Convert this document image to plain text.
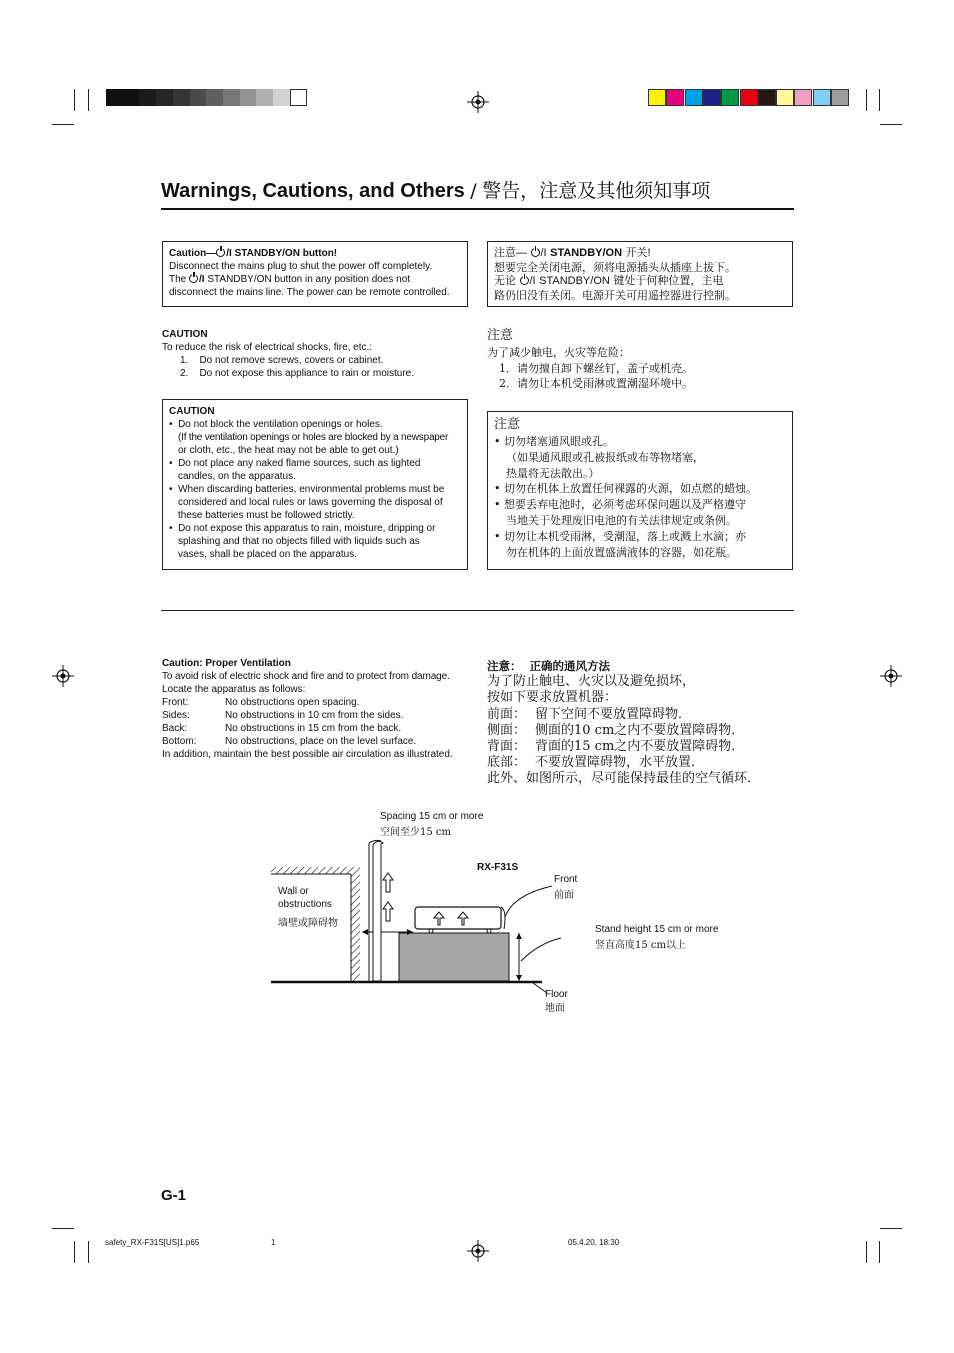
Warnings, Cautions, and Others / 警告，注意及其他须知事项
Caution— /I STANDBY/ON button!
Disconnect the mains plug to shut the power off completely.
The /I STANDBY/ON button in any position does not
disconnect the mains line. The power can be remote controlled.
注意— /I STANDBY/ON 开关!
想要完全关闭电源，须将电源插头从插座上拔下。
无论 /I STANDBY/ON 键处于何种位置，主电
路仍旧没有关闭。电源开关可用遥控器进行控制。
CAUTION
To reduce the risk of electrical shocks, fire, etc.:
1.    Do not remove screws, covers or cabinet.
2.    Do not expose this appliance to rain or moisture.
注意
为了减少触电，火灾等危险：
1．请勿擅自卸下螺丝钉，盖子或机壳。
2．请勿让本机受雨淋或置潮湿环境中。
CAUTION
•  Do not block the ventilation openings or holes.
(If the ventilation openings or holes are blocked by a newspaper
or cloth, etc., the heat may not be able to get out.)
•  Do not place any naked flame sources, such as lighted
candles, on the apparatus.
•  When discarding batteries, environmental problems must be
considered and local rules or laws governing the disposal of
these batteries must be followed strictly.
•  Do not expose this apparatus to rain, moisture, dripping or
splashing and that no objects filled with liquids such as
vases, shall be placed on the apparatus.
注意
• 切勿堵塞通风眼或孔。
（如果通风眼或孔被报纸或布等物堵塞，
热量将无法散出。）
• 切勿在机体上放置任何裸露的火源，如点燃的蜡烛。
• 想要丢弃电池时，必须考虑环保问题以及严格遵守
当地关于处理废旧电池的有关法律规定或条例。
• 切勿让本机受雨淋，受潮湿，落上或溅上水滴；亦
勿在机体的上面放置盛满液体的容器，如花瓶。
Caution: Proper Ventilation
To avoid risk of electric shock and fire and to protect from damage.
Locate the apparatus as follows:
Front:	No obstructions open spacing.
Sides:	No obstructions in 10 cm from the sides.
Back:	No obstructions in 15 cm from the back.
Bottom:	No obstructions, place on the level surface.
In addition, maintain the best possible air circulation as illustrated.
注意：  正确的通风方法
为了防止触电、火灾以及避免损坏，
按如下要求放置机器：
前面： 留下空间不要放置障碍物．
侧面： 侧面的10 cm之内不要放置障碍物．
背面： 背面的15 cm之内不要放置障碍物．
底部： 不要放置障碍物，水平放置．
此外、如图所示，尽可能保持最佳的空气循环．
Spacing 15 cm or more
空间至少15 cm
RX-F31S
Front
前面
Wall or
obstructions
墙壁或障碍物
Stand height 15 cm or more
竖直高度15 cm以上
Floor
地面
G-1
safety_RX-F31S[US]1.p65	1	05.4.20, 18:30
